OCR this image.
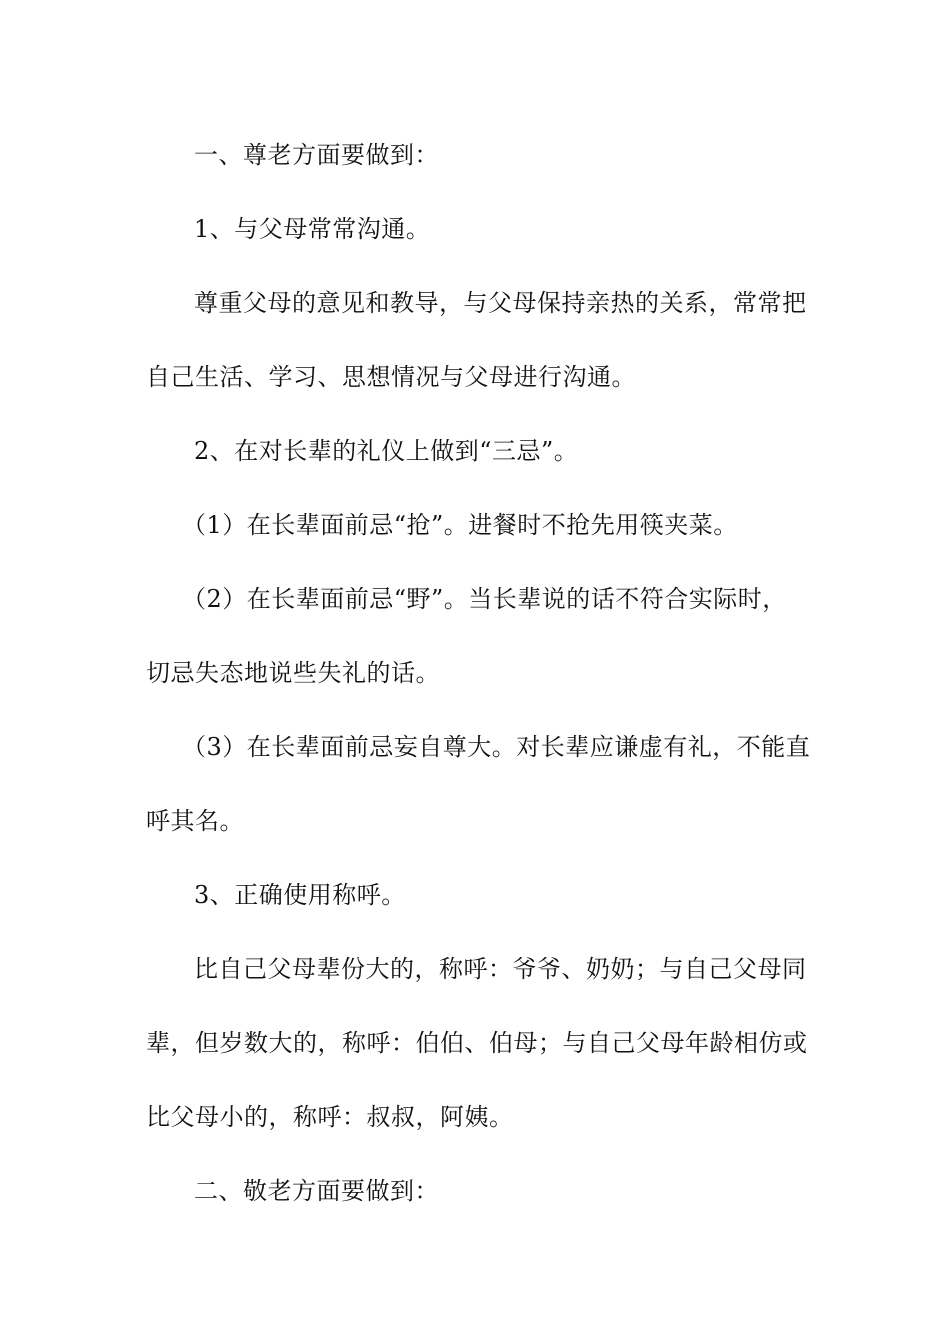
一、尊老方面要做到：
1、与父母常常沟通。
尊重父母的意见和教导，与父母保持亲热的关系，常常把
自己生活、学习、思想情况与父母进行沟通。
2、在对长辈的礼仪上做到“三忌”。
（1）在长辈面前忌“抢”。进餐时不抢先用筷夹菜。
（2）在长辈面前忌“野”。当长辈说的话不符合实际时，
切忌失态地说些失礼的话。
（3）在长辈面前忌妄自尊大。对长辈应谦虚有礼，不能直
呼其名。
3、正确使用称呼。
比自己父母辈份大的，称呼：爷爷、奶奶；与自己父母同
辈，但岁数大的，称呼：伯伯、伯母；与自己父母年龄相仿或
比父母小的，称呼：叔叔，阿姨。
二、敬老方面要做到：
